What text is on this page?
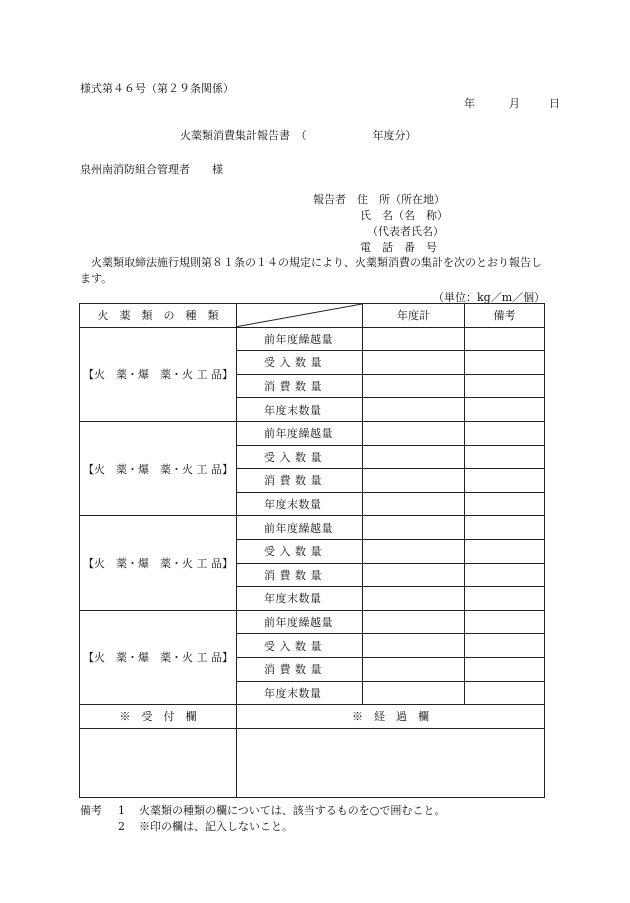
様式第４６号（第２９条関係）
年	月	日
火薬類消費集計報告書　（　　　　　　年度分）
泉州南消防組合管理者　　様
報告者　住　所（所在地）
氏　名（名　称）
（代表者氏名）
電　話　番　号
火薬類取締法施行規則第８１条の１４の規定により、火薬類消費の集計を次のとおり報告します。
（単位：kg／m／個）
火　薬　類　の　種　類		年度計	備考
【火　薬・爆　薬・火 工 品】	前年度繰越量		
	受 入 数 量		
	消 費 数 量		
	年度末数量		
【火　薬・爆　薬・火 工 品】	前年度繰越量		
	受 入 数 量		
	消 費 数 量		
	年度末数量		
【火　薬・爆　薬・火 工 品】	前年度繰越量		
	受 入 数 量		
	消 費 数 量		
	年度末数量		
【火　薬・爆　薬・火 工 品】	前年度繰越量		
	受 入 数 量		
	消 費 数 量		
	年度末数量		
※　受　付　欄	※　経　過　欄		

備考 1 火薬類の種類の欄については、該当するものを○で囲むこと。
2 ※印の欄は、記入しないこと。
